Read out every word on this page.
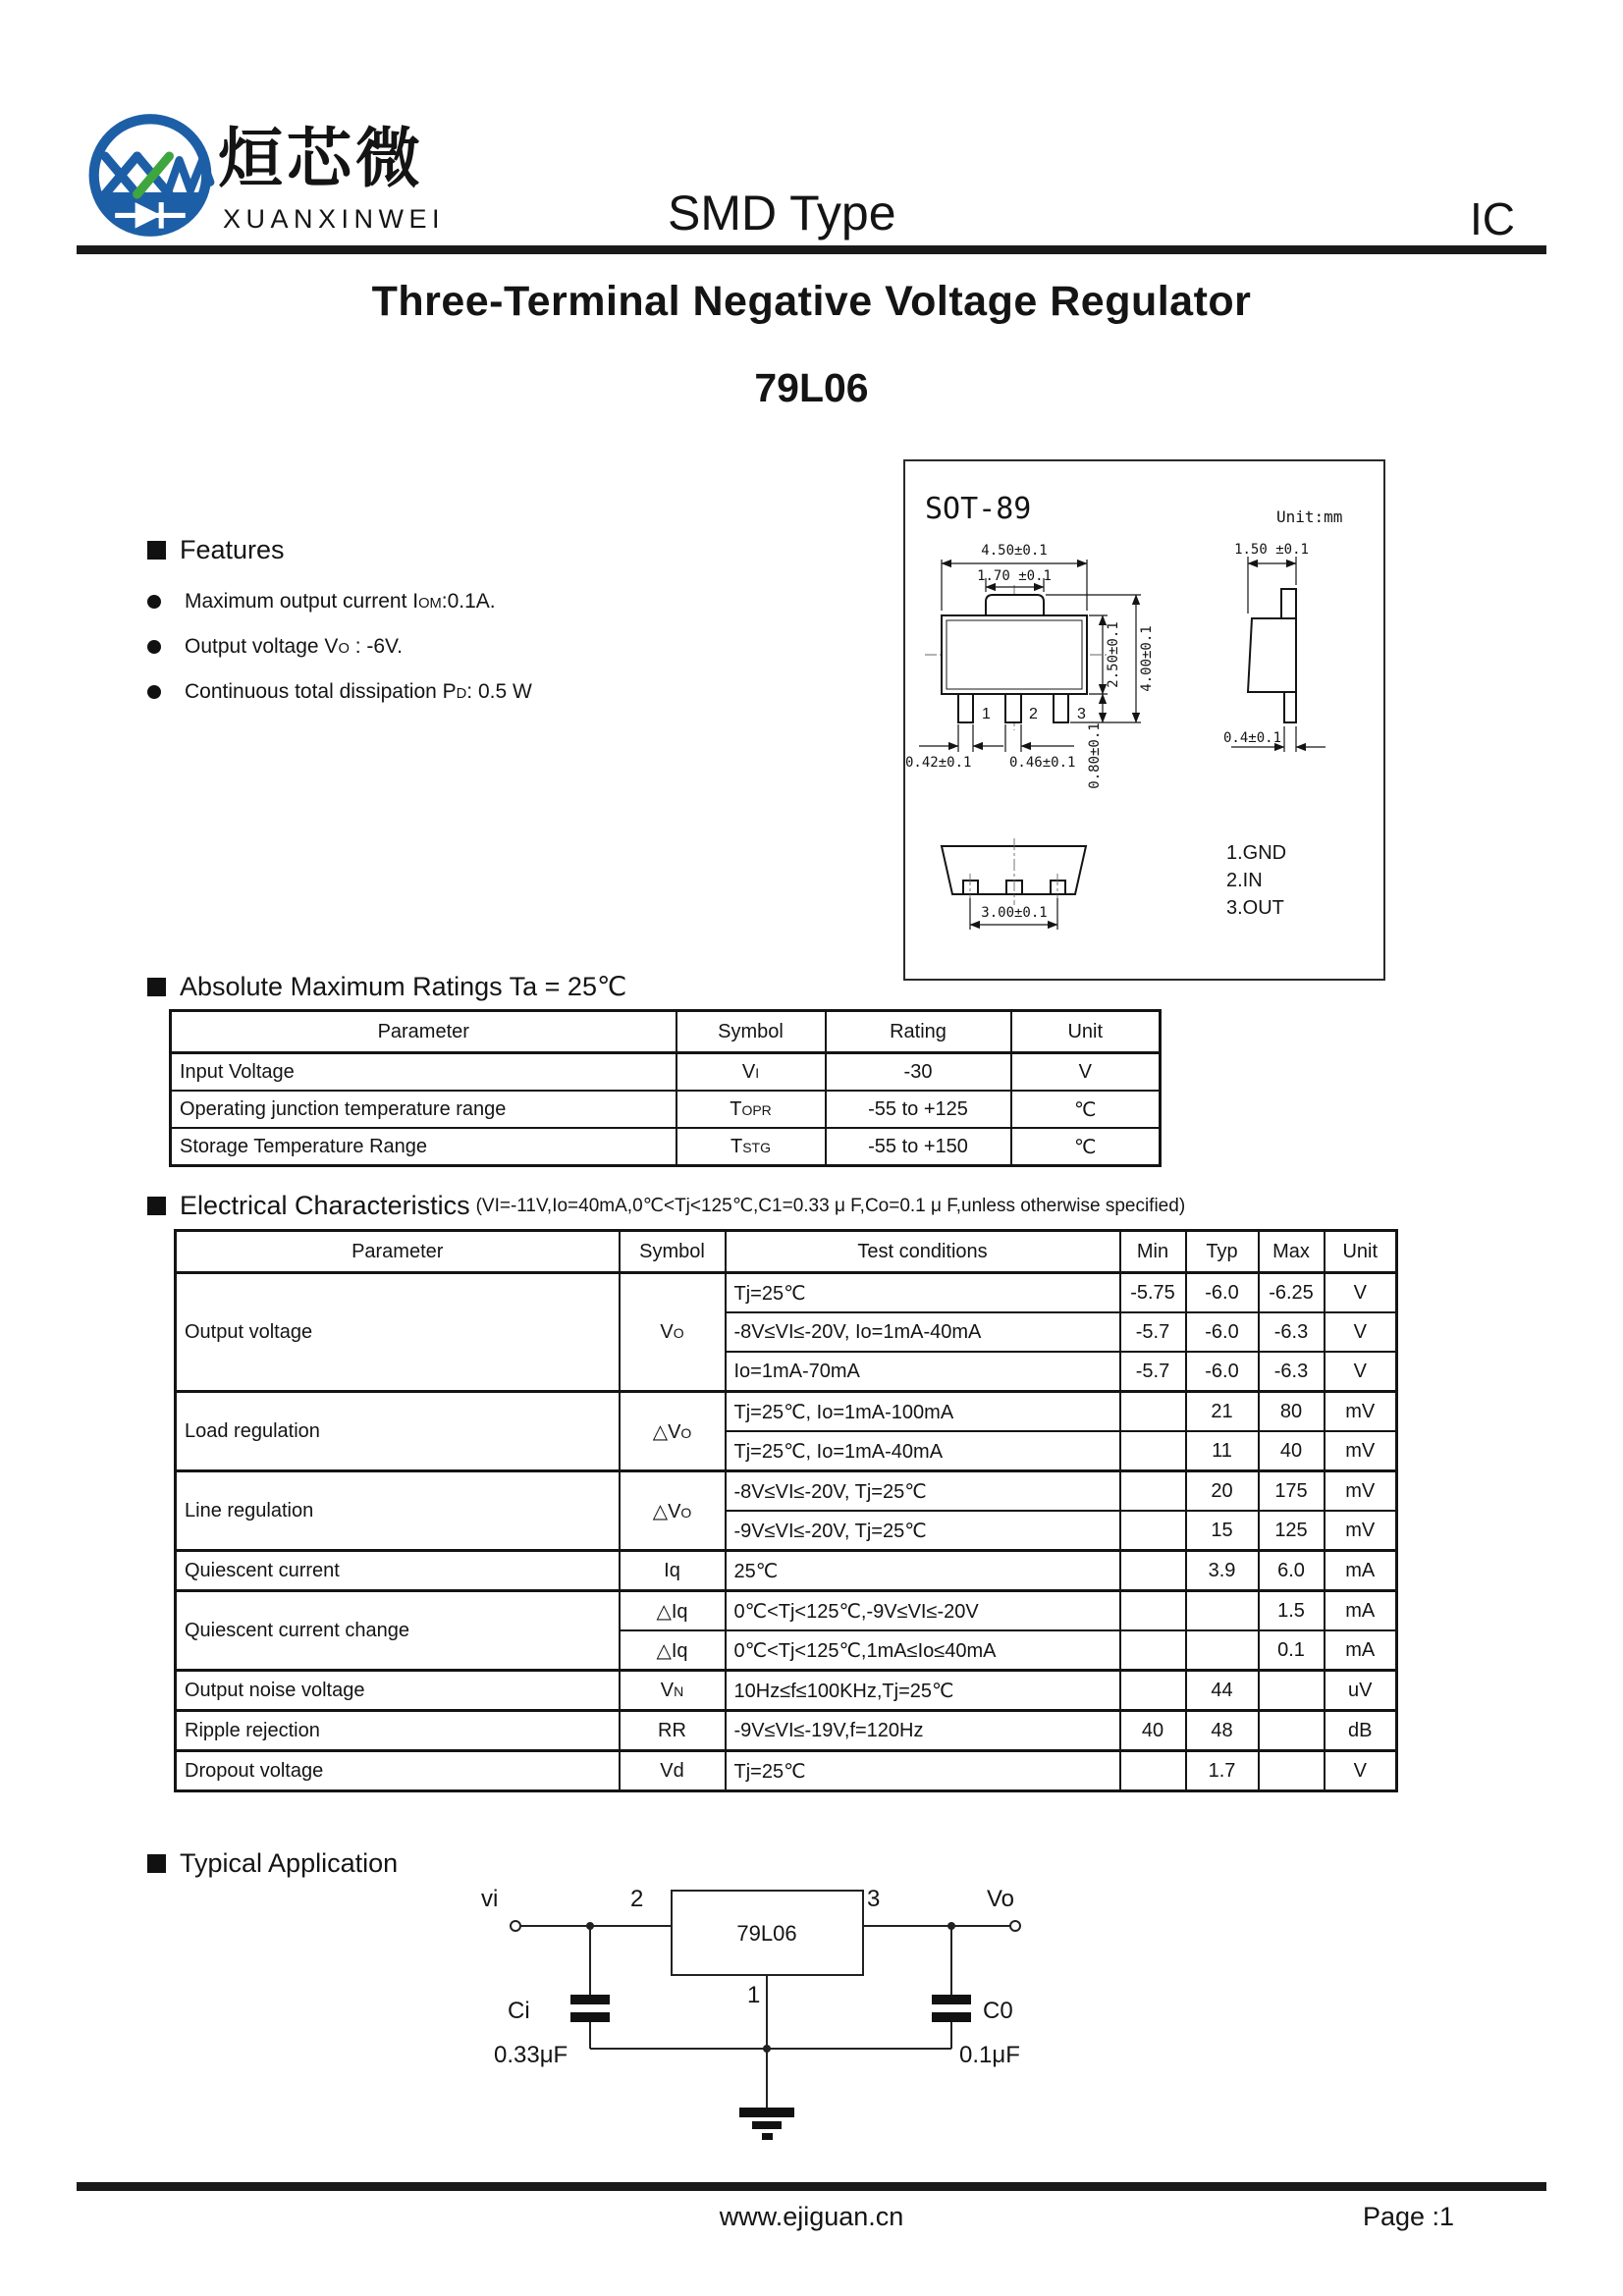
烜芯微
XUANXINWEI	SMD Type	IC
Three-Terminal Negative Voltage Regulator
79L06
SOT-89	Unit:mm
1 2	3
4.50±0.1
1.70 ±0.1
2.50±0.1 4.00±0.1
0.80±0.1
0.42±0.1	0.46±0.1
1.50 ±0.1
0.4±0.1
3.00±0.1
1.GND
2.IN
3.OUT
Features
Maximum output current IOM:0.1A.
Output voltage VO : -6V.
Continuous total dissipation PD: 0.5 W
Absolute Maximum Ratings Ta = 25℃
Parameter	Symbol	Rating	Unit
Input Voltage	VI	-30	V
Operating junction temperature range	TOPR	-55 to +125	℃
Storage Temperature Range	TSTG	-55 to +150	℃
Electrical Characteristics (VI=-11V,Io=40mA,0℃<Tj<125℃,C1=0.33 μ F,Co=0.1 μ F,unless otherwise specified)
Parameter	Symbol	Test conditions	Min	Typ	Max	Unit
Output voltage	VO	Tj=25℃	-5.75	-6.0	-6.25	V
		-8V≤VI≤-20V, Io=1mA-40mA	-5.7	-6.0	-6.3	V
		Io=1mA-70mA	-5.7	-6.0	-6.3	V
Load regulation	△VO	Tj=25℃, Io=1mA-100mA		21	80	mV
		Tj=25℃, Io=1mA-40mA		11	40	mV
Line regulation	△VO	-8V≤VI≤-20V, Tj=25℃		20	175	mV
		-9V≤VI≤-20V, Tj=25℃		15	125	mV
Quiescent current	Iq	25℃		3.9	6.0	mA
Quiescent current change	△Iq	0℃<Tj<125℃,-9V≤VI≤-20V			1.5	mA
	△Iq	0℃<Tj<125℃,1mA≤Io≤40mA			0.1	mA
Output noise voltage	VN	10Hz≤f≤100KHz,Tj=25℃		44		uV
Ripple rejection	RR	-9V≤VI≤-19V,f=120Hz	40	48		dB
Dropout voltage	Vd	Tj=25℃		1.7		V
Typical Application
vi	2	3	Vo
79L06
Ci	C0
0.33μF	0.1μF
1
www.ejiguan.cn	Page :1
